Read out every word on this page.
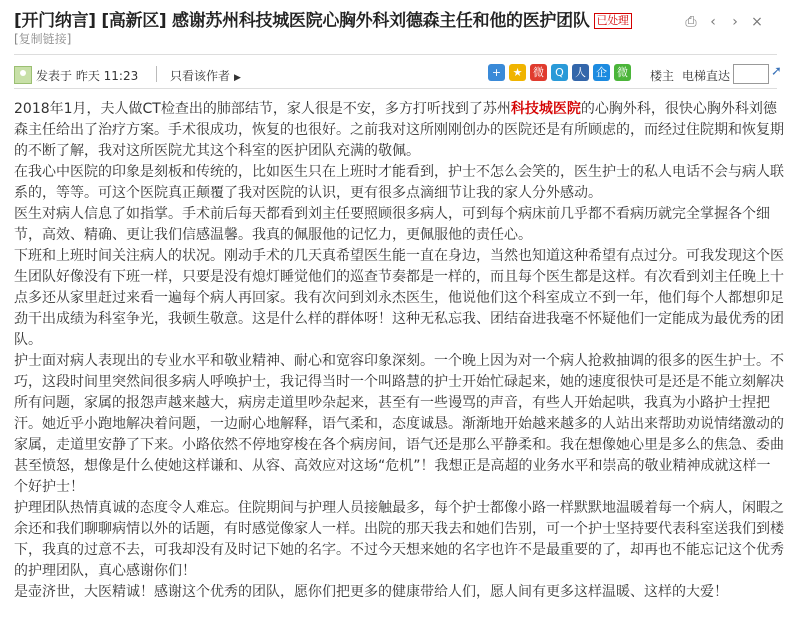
[开门纳言] [高新区] 感谢苏州科技城医院心胸外科刘德森主任和他的医护团队 已处理	⎙ ‹	› ×
[复制链接]
发表于 昨天 11:23	只看该作者 ▶	+	★ 微	Q	人 企 微 楼主 电梯直达	➚

2018年1月，夫人做CT检查出的肺部结节，家人很是不安，多方打听找到了苏州科技城医院的心胸外科，很快心胸外科刘德森主任给出了治疗方案。手术很成功，恢复的也很好。之前我对这所刚刚创办的医院还是有所顾虑的，而经过住院期和恢复期的不断了解，我对这所医院尤其这个科室的医护团队充满的敬佩。

在我心中医院的印象是刻板和传统的，比如医生只在上班时才能看到，护士不怎么会笑的，医生护士的私人电话不会与病人联系的，等等。可这个医院真正颠覆了我对医院的认识，更有很多点滴细节让我的家人分外感动。

医生对病人信息了如指掌。手术前后每天都看到刘主任要照顾很多病人，可到每个病床前几乎都不看病历就完全掌握各个细节，高效、精确、更让我们信感温馨。我真的佩服他的记忆力，更佩服他的责任心。

下班和上班时间关注病人的状况。刚动手术的几天真希望医生能一直在身边，当然也知道这种希望有点过分。可我发现这个医生团队好像没有下班一样，只要是没有熄灯睡觉他们的巡查节奏都是一样的，而且每个医生都是这样。有次看到刘主任晚上十点多还从家里赶过来看一遍每个病人再回家。我有次问到刘永杰医生，他说他们这个科室成立不到一年，他们每个人都想卯足劲干出成绩为科室争光，我顿生敬意。这是什么样的群体呀！这种无私忘我、团结奋进我毫不怀疑他们一定能成为最优秀的团队。

护士面对病人表现出的专业水平和敬业精神、耐心和宽容印象深刻。一个晚上因为对一个病人抢救抽调的很多的医生护士。不巧，这段时间里突然间很多病人呼唤护士，我记得当时一个叫路慧的护士开始忙碌起来，她的速度很快可是还是不能立刻解决所有问题，家属的报怨声越来越大，病房走道里吵杂起来，甚至有一些谩骂的声音，有些人开始起哄，我真为小路护士捏把汗。她近乎小跑地解决着问题，一边耐心地解释，语气柔和，态度诚恳。渐渐地开始越来越多的人站出来帮助劝说情绪激动的家属，走道里安静了下来。小路依然不停地穿梭在各个病房间，语气还是那么平静柔和。我在想像她心里是多么的焦急、委曲甚至愤怒，想像是什么使她这样谦和、从容、高效应对这场“危机”！我想正是高超的业务水平和崇高的敬业精神成就这样一个好护士！

护理团队热情真诚的态度令人难忘。住院期间与护理人员接触最多，每个护士都像小路一样默默地温暖着每一个病人，闲暇之余还和我们聊聊病情以外的话题，有时感觉像家人一样。出院的那天我去和她们告别，可一个护士坚持要代表科室送我们到楼下，我真的过意不去，可我却没有及时记下她的名字。不过今天想来她的名字也许不是最重要的了，却再也不能忘记这个优秀的护理团队，真心感谢你们！

是壶济世，大医精诚！感谢这个优秀的团队，愿你们把更多的健康带给人们，愿人间有更多这样温暖、这样的大爱！
